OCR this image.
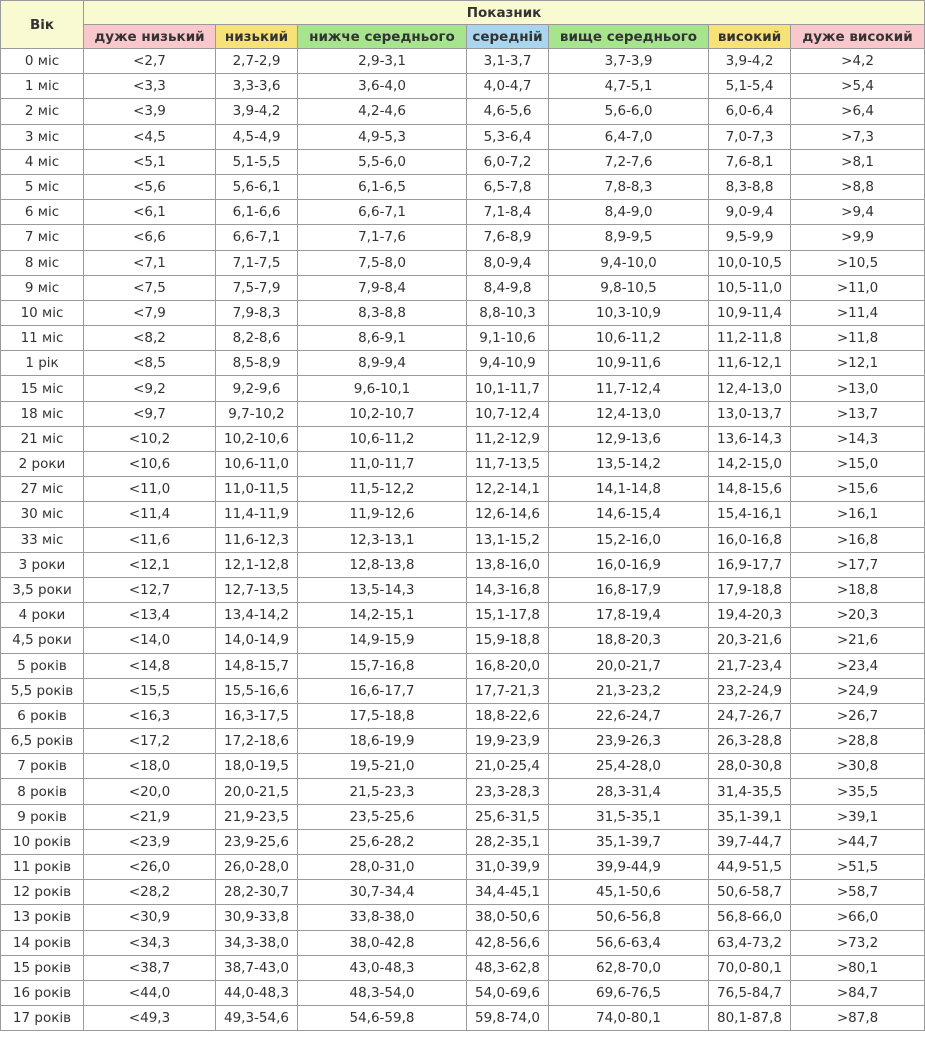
Вік	Показник						
	дуже низький	низький	нижче середнього	середній	вище середнього	високий	дуже високий
0 міс	<2,7	2,7-2,9	2,9-3,1	3,1-3,7	3,7-3,9	3,9-4,2	>4,2
1 міс	<3,3	3,3-3,6	3,6-4,0	4,0-4,7	4,7-5,1	5,1-5,4	>5,4
2 міс	<3,9	3,9-4,2	4,2-4,6	4,6-5,6	5,6-6,0	6,0-6,4	>6,4
3 міс	<4,5	4,5-4,9	4,9-5,3	5,3-6,4	6,4-7,0	7,0-7,3	>7,3
4 міс	<5,1	5,1-5,5	5,5-6,0	6,0-7,2	7,2-7,6	7,6-8,1	>8,1
5 міс	<5,6	5,6-6,1	6,1-6,5	6,5-7,8	7,8-8,3	8,3-8,8	>8,8
6 міс	<6,1	6,1-6,6	6,6-7,1	7,1-8,4	8,4-9,0	9,0-9,4	>9,4
7 міс	<6,6	6,6-7,1	7,1-7,6	7,6-8,9	8,9-9,5	9,5-9,9	>9,9
8 міс	<7,1	7,1-7,5	7,5-8,0	8,0-9,4	9,4-10,0	10,0-10,5	>10,5
9 міс	<7,5	7,5-7,9	7,9-8,4	8,4-9,8	9,8-10,5	10,5-11,0	>11,0
10 міс	<7,9	7,9-8,3	8,3-8,8	8,8-10,3	10,3-10,9	10,9-11,4	>11,4
11 міс	<8,2	8,2-8,6	8,6-9,1	9,1-10,6	10,6-11,2	11,2-11,8	>11,8
1 рік	<8,5	8,5-8,9	8,9-9,4	9,4-10,9	10,9-11,6	11,6-12,1	>12,1
15 міс	<9,2	9,2-9,6	9,6-10,1	10,1-11,7	11,7-12,4	12,4-13,0	>13,0
18 міс	<9,7	9,7-10,2	10,2-10,7	10,7-12,4	12,4-13,0	13,0-13,7	>13,7
21 міс	<10,2	10,2-10,6	10,6-11,2	11,2-12,9	12,9-13,6	13,6-14,3	>14,3
2 роки	<10,6	10,6-11,0	11,0-11,7	11,7-13,5	13,5-14,2	14,2-15,0	>15,0
27 міс	<11,0	11,0-11,5	11,5-12,2	12,2-14,1	14,1-14,8	14,8-15,6	>15,6
30 міс	<11,4	11,4-11,9	11,9-12,6	12,6-14,6	14,6-15,4	15,4-16,1	>16,1
33 міс	<11,6	11,6-12,3	12,3-13,1	13,1-15,2	15,2-16,0	16,0-16,8	>16,8
3 роки	<12,1	12,1-12,8	12,8-13,8	13,8-16,0	16,0-16,9	16,9-17,7	>17,7
3,5 роки	<12,7	12,7-13,5	13,5-14,3	14,3-16,8	16,8-17,9	17,9-18,8	>18,8
4 роки	<13,4	13,4-14,2	14,2-15,1	15,1-17,8	17,8-19,4	19,4-20,3	>20,3
4,5 роки	<14,0	14,0-14,9	14,9-15,9	15,9-18,8	18,8-20,3	20,3-21,6	>21,6
5 років	<14,8	14,8-15,7	15,7-16,8	16,8-20,0	20,0-21,7	21,7-23,4	>23,4
5,5 років	<15,5	15,5-16,6	16,6-17,7	17,7-21,3	21,3-23,2	23,2-24,9	>24,9
6 років	<16,3	16,3-17,5	17,5-18,8	18,8-22,6	22,6-24,7	24,7-26,7	>26,7
6,5 років	<17,2	17,2-18,6	18,6-19,9	19,9-23,9	23,9-26,3	26,3-28,8	>28,8
7 років	<18,0	18,0-19,5	19,5-21,0	21,0-25,4	25,4-28,0	28,0-30,8	>30,8
8 років	<20,0	20,0-21,5	21,5-23,3	23,3-28,3	28,3-31,4	31,4-35,5	>35,5
9 років	<21,9	21,9-23,5	23,5-25,6	25,6-31,5	31,5-35,1	35,1-39,1	>39,1
10 років	<23,9	23,9-25,6	25,6-28,2	28,2-35,1	35,1-39,7	39,7-44,7	>44,7
11 років	<26,0	26,0-28,0	28,0-31,0	31,0-39,9	39,9-44,9	44,9-51,5	>51,5
12 років	<28,2	28,2-30,7	30,7-34,4	34,4-45,1	45,1-50,6	50,6-58,7	>58,7
13 років	<30,9	30,9-33,8	33,8-38,0	38,0-50,6	50,6-56,8	56,8-66,0	>66,0
14 років	<34,3	34,3-38,0	38,0-42,8	42,8-56,6	56,6-63,4	63,4-73,2	>73,2
15 років	<38,7	38,7-43,0	43,0-48,3	48,3-62,8	62,8-70,0	70,0-80,1	>80,1
16 років	<44,0	44,0-48,3	48,3-54,0	54,0-69,6	69,6-76,5	76,5-84,7	>84,7
17 років	<49,3	49,3-54,6	54,6-59,8	59,8-74,0	74,0-80,1	80,1-87,8	>87,8
